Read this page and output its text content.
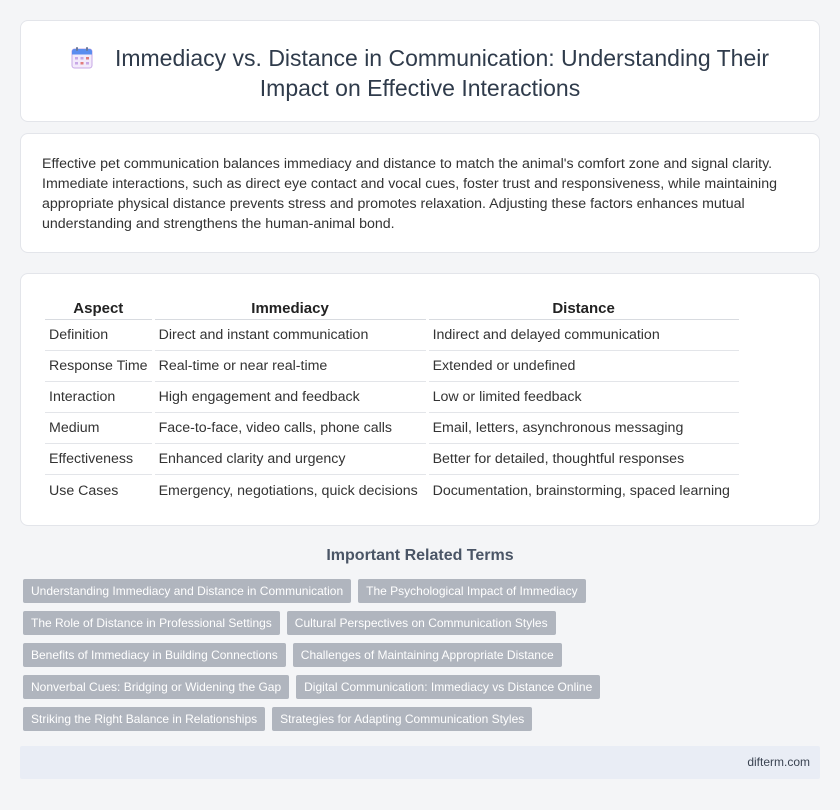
Immediacy vs. Distance in Communication: Understanding Their Impact on Effective Interactions

Effective pet communication balances immediacy and distance to match the animal's comfort zone and signal clarity. Immediate interactions, such as direct eye contact and vocal cues, foster trust and responsiveness, while maintaining appropriate physical distance prevents stress and promotes relaxation. Adjusting these factors enhances mutual understanding and strengthens the human-animal bond.

Aspect	Immediacy	Distance
Definition	Direct and instant communication	Indirect and delayed communication
Response Time	Real-time or near real-time	Extended or undefined
Interaction	High engagement and feedback	Low or limited feedback
Medium	Face-to-face, video calls, phone calls	Email, letters, asynchronous messaging
Effectiveness	Enhanced clarity and urgency	Better for detailed, thoughtful responses
Use Cases	Emergency, negotiations, quick decisions	Documentation, brainstorming, spaced learning
Important Related Terms
Understanding Immediacy and Distance in Communication	The Psychological Impact of Immediacy
The Role of Distance in Professional Settings	Cultural Perspectives on Communication Styles
Benefits of Immediacy in Building Connections	Challenges of Maintaining Appropriate Distance
Nonverbal Cues: Bridging or Widening the Gap	Digital Communication: Immediacy vs Distance Online
Striking the Right Balance in Relationships	Strategies for Adapting Communication Styles
difterm.com
